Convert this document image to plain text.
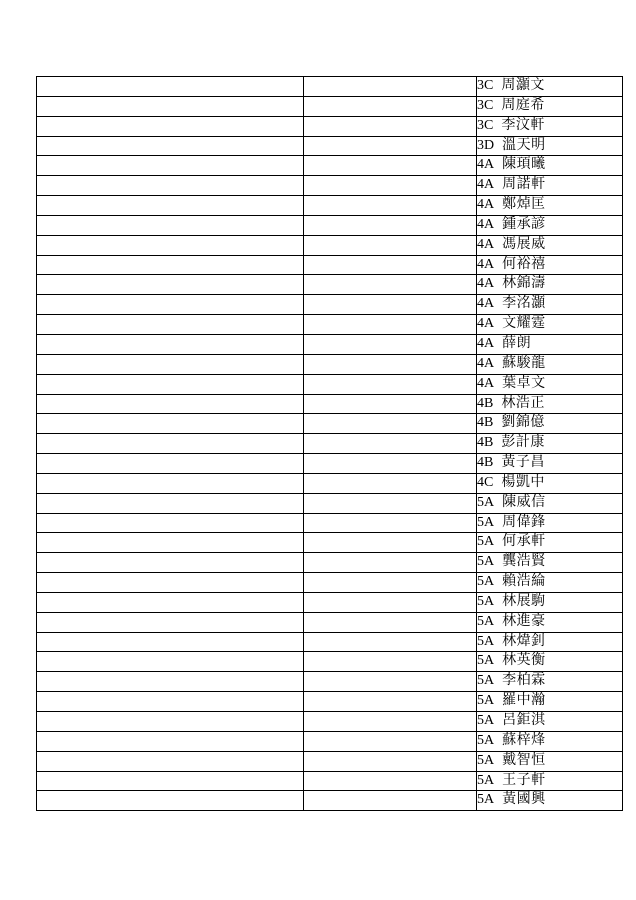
		3C 周灝文
		3C 周庭希
		3C 李汶軒
		3D 溫天明
		4A 陳頊曦
		4A 周諾軒
		4A 鄭焯匡
		4A 鍾承諺
		4A 馮展威
		4A 何裕禧
		4A 林錦濤
		4A 李洺灝
		4A 文耀霆
		4A 薛朗
		4A 蘇駿龍
		4A 葉卓文
		4B 林浩正
		4B 劉錦億
		4B 彭計康
		4B 黃子昌
		4C 楊凱中
		5A 陳威信
		5A 周偉鋒
		5A 何承軒
		5A 龔浩賢
		5A 賴浩綸
		5A 林展駒
		5A 林進豪
		5A 林煒釗
		5A 林英衡
		5A 李柏霖
		5A 羅中瀚
		5A 呂鉅淇
		5A 蘇梓烽
		5A 戴智恒
		5A 王子軒
		5A 黃國興
